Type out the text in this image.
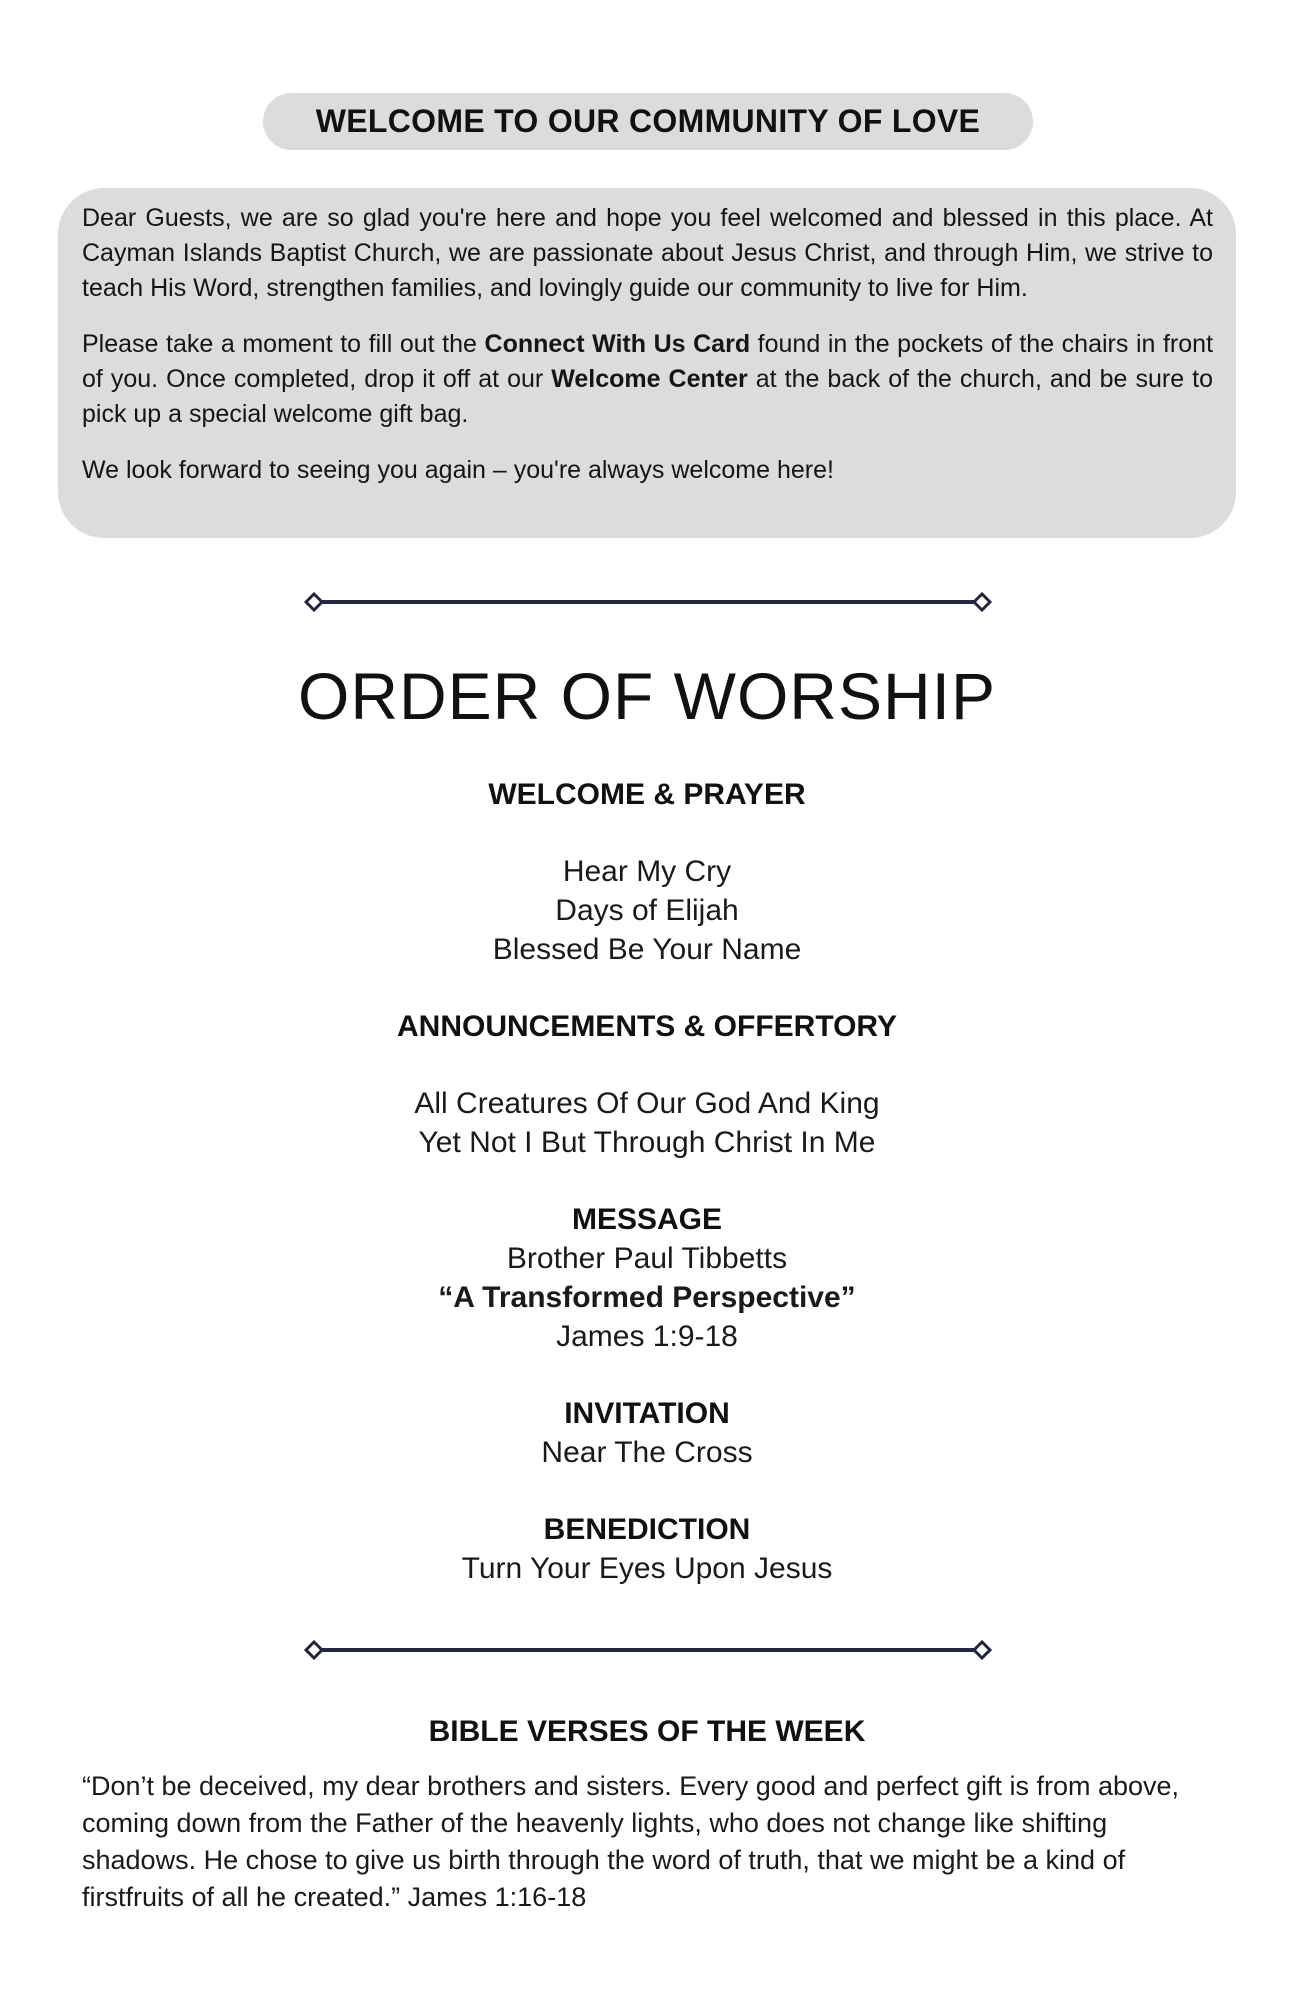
WELCOME TO OUR COMMUNITY OF LOVE

Dear Guests, we are so glad you're here and hope you feel welcomed and blessed in this place. At Cayman Islands Baptist Church, we are passionate about Jesus Christ, and through Him, we strive to teach His Word, strengthen families, and lovingly guide our community to live for Him.

Please take a moment to fill out the Connect With Us Card found in the pockets of the chairs in front of you. Once completed, drop it off at our Welcome Center at the back of the church, and be sure to pick up a special welcome gift bag.

We look forward to seeing you again – you're always welcome here!

ORDER OF WORSHIP
WELCOME & PRAYER
Hear My Cry
Days of Elijah
Blessed Be Your Name
ANNOUNCEMENTS & OFFERTORY
All Creatures Of Our God And King
Yet Not I But Through Christ In Me
MESSAGE
Brother Paul Tibbetts
“A Transformed Perspective”
James 1:9-18
INVITATION
Near The Cross
BENEDICTION
Turn Your Eyes Upon Jesus
BIBLE VERSES OF THE WEEK
“Don’t be deceived, my dear brothers and sisters. Every good and perfect gift is from above, coming down from the Father of the heavenly lights, who does not change like shifting shadows. He chose to give us birth through the word of truth, that we might be a kind of firstfruits of all he created.” James 1:16-18
